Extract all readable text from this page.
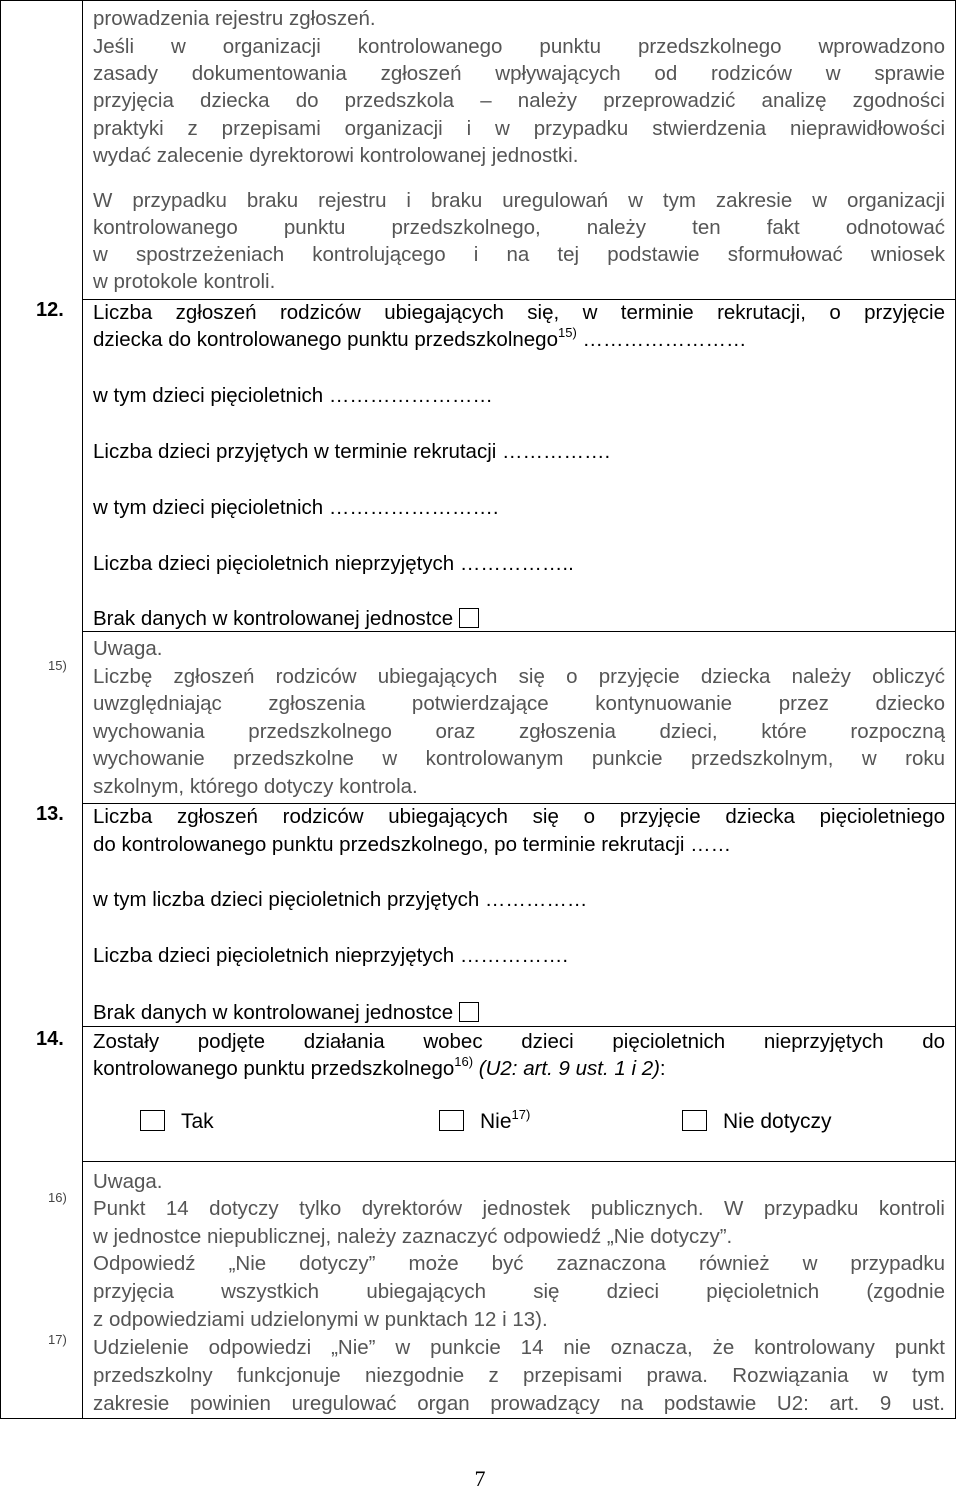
prowadzenia rejestru zgłoszeń.
Jeśli w organizacji kontrolowanego punktu przedszkolnego wprowadzono
zasady dokumentowania zgłoszeń wpływających od rodziców w sprawie
przyjęcia dziecka do przedszkola – należy przeprowadzić analizę zgodności
praktyki z przepisami organizacji i w przypadku stwierdzenia nieprawidłowości
wydać zalecenie dyrektorowi kontrolowanej jednostki.
W przypadku braku rejestru i braku uregulowań w tym zakresie w organizacji
kontrolowanego punktu przedszkolnego, należy ten fakt odnotować
w spostrzeżeniach kontrolującego i na tej podstawie sformułować wniosek
w protokole kontroli.
12. Liczba zgłoszeń rodziców ubiegających się, w terminie rekrutacji, o przyjęcie
dziecka do kontrolowanego punktu przedszkolnego$^{15)}$ ……………………
w tym dzieci pięcioletnich ……………………
Liczba dzieci przyjętych w terminie rekrutacji …………….
w tym dzieci pięcioletnich …………………….
Liczba dzieci pięcioletnich nieprzyjętych ……………..
Brak danych w kontrolowanej jednostce
15)
Uwaga.
Liczbę zgłoszeń rodziców ubiegających się o przyjęcie dziecka należy obliczyć
uwzględniając zgłoszenia potwierdzające kontynuowanie przez dziecko
wychowania przedszkolnego oraz zgłoszenia dzieci, które rozpoczną
wychowanie przedszkolne w kontrolowanym punkcie przedszkolnym, w roku
szkolnym, którego dotyczy kontrola.
13. Liczba zgłoszeń rodziców ubiegających się o przyjęcie dziecka pięcioletniego
do kontrolowanego punktu przedszkolnego, po terminie rekrutacji ……
w tym liczba dzieci pięcioletnich przyjętych ……………
Liczba dzieci pięcioletnich nieprzyjętych …………….
Brak danych w kontrolowanej jednostce
14. Zostały podjęte działania wobec dzieci pięcioletnich nieprzyjętych do
kontrolowanego punktu przedszkolnego$^{16)}$ (U2: art. 9 ust. 1 i 2):
Tak	Nie$^{17)}$	Nie dotyczy
16)
17)
Uwaga.
Punkt 14 dotyczy tylko dyrektorów jednostek publicznych. W przypadku kontroli
w jednostce niepublicznej, należy zaznaczyć odpowiedź „Nie dotyczy”.
Odpowiedź „Nie dotyczy” może być zaznaczona również w przypadku
przyjęcia wszystkich ubiegających się dzieci pięcioletnich (zgodnie
z odpowiedziami udzielonymi w punktach 12 i 13).
Udzielenie odpowiedzi „Nie” w punkcie 14 nie oznacza, że kontrolowany punkt
przedszkolny funkcjonuje niezgodnie z przepisami prawa. Rozwiązania w tym
zakresie powinien uregulować organ prowadzący na podstawie U2: art. 9 ust.
7
